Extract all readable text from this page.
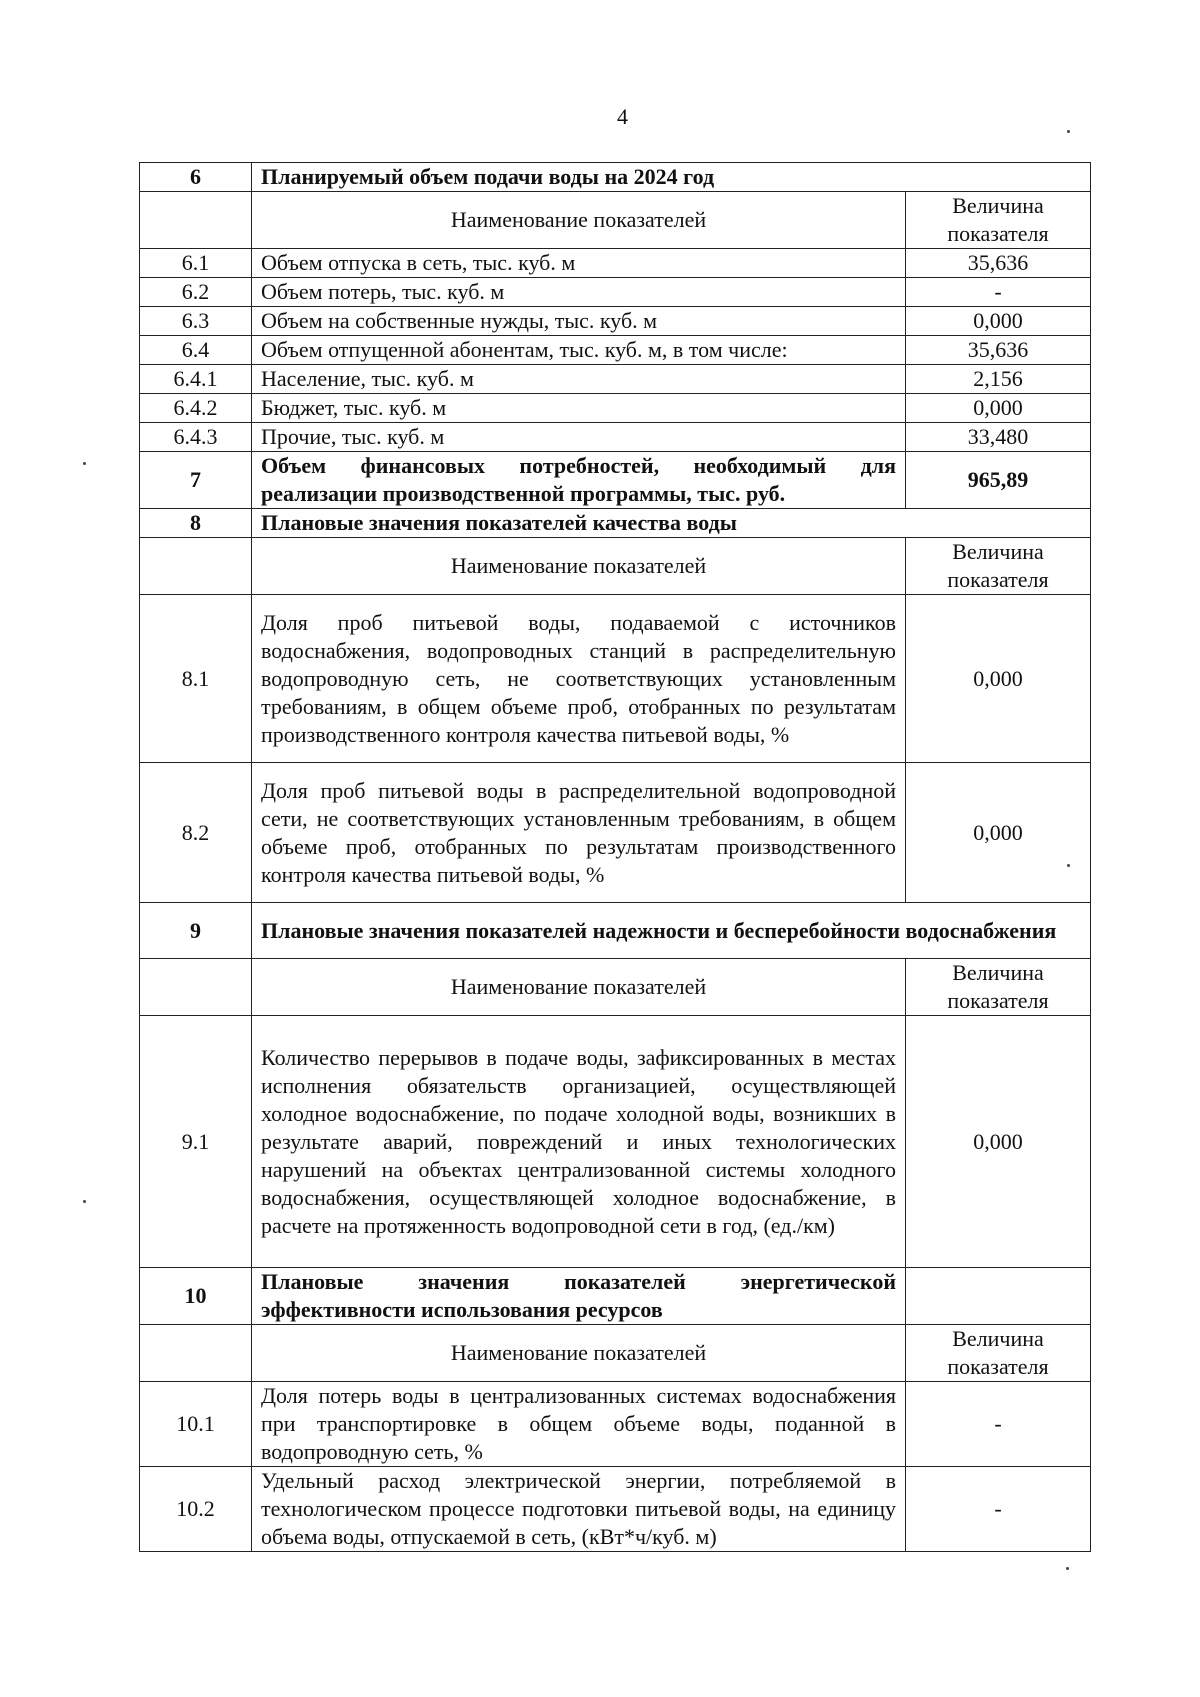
4
6	Планируемый объем подачи воды на 2024 год	
	Наименование показателей	Величина показателя
6.1	Объем отпуска в сеть, тыс. куб. м	35,636
6.2	Объем потерь, тыс. куб. м	-
6.3	Объем на собственные нужды, тыс. куб. м	0,000
6.4	Объем отпущенной абонентам, тыс. куб. м, в том числе:	35,636
6.4.1	Население, тыс. куб. м	2,156
6.4.2	Бюджет, тыс. куб. м	0,000
6.4.3	Прочие, тыс. куб. м	33,480
7	Объем финансовых потребностей, необходимый для реализации производственной программы, тыс. руб.	965,89
8	Плановые значения показателей качества воды	
	Наименование показателей	Величина показателя
8.1	Доля проб питьевой воды, подаваемой с источников водоснабжения, водопроводных станций в распределительную водопроводную сеть, не соответствующих установленным требованиям, в общем объеме проб, отобранных по результатам производственного контроля качества питьевой воды, %	0,000
8.2	Доля проб питьевой воды в распределительной водопроводной сети, не соответствующих установленным требованиям, в общем объеме проб, отобранных по результатам производственного контроля качества питьевой воды, %	0,000
9	Плановые значения показателей надежности и бесперебойности водоснабжения	
	Наименование показателей	Величина показателя
9.1	Количество перерывов в подаче воды, зафиксированных в местах исполнения обязательств организацией, осуществляющей холодное водоснабжение, по подаче холодной воды, возникших в результате аварий, повреждений и иных технологических нарушений на объектах централизованной системы холодного водоснабжения, осуществляющей холодное водоснабжение, в расчете на протяженность водопроводной сети в год, (ед./км)	0,000
10	Плановые значения показателей энергетической эффективности использования ресурсов	
	Наименование показателей	Величина показателя
10.1	Доля потерь воды в централизованных системах водоснабжения при транспортировке в общем объеме воды, поданной в водопроводную сеть, %	-
10.2	Удельный расход электрической энергии, потребляемой в технологическом процессе подготовки питьевой воды, на единицу объема воды, отпускаемой в сеть, (кВт*ч/куб. м)	-
